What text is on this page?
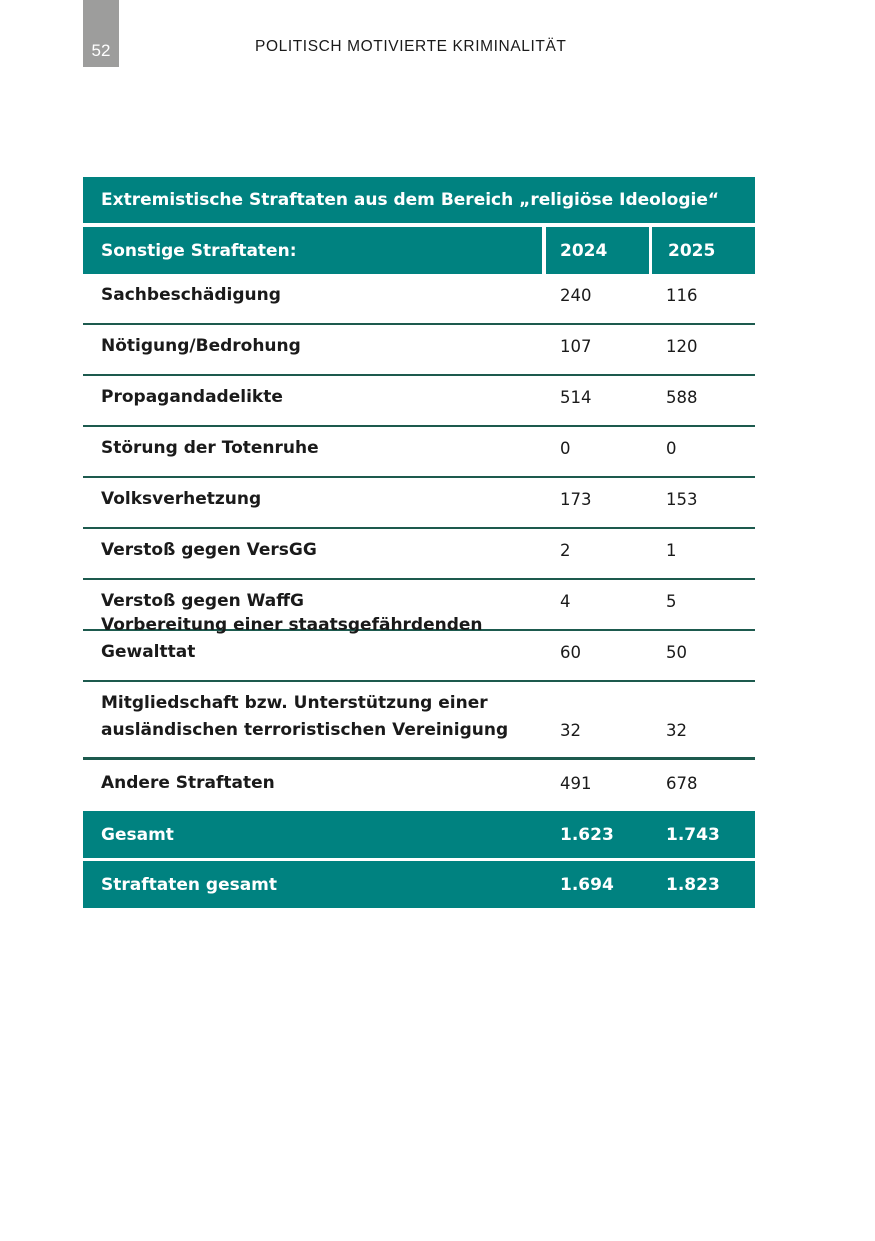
52	POLITISCH MOTIVIERTE KRIMINALITÄT
Extremistische Straftaten aus dem Bereich „religiöse Ideologie“
Sonstige Straftaten:	2024	2025
Sachbeschädigung	240	116
Nötigung/Bedrohung	107	120
Propagandadelikte	514	588
Störung der Totenruhe	0	0
Volksverhetzung	173	153
Verstoß gegen VersGG	2	1
Verstoß gegen WaffG	4	5
Vorbereitung einer staatsgefährdenden Gewalttat	60	50
Mitgliedschaft bzw. Unterstützung einer
ausländischen terroristischen Vereinigung	32	32
Andere Straftaten	491	678
Gesamt	1.623	1.743
Straftaten gesamt	1.694	1.823
